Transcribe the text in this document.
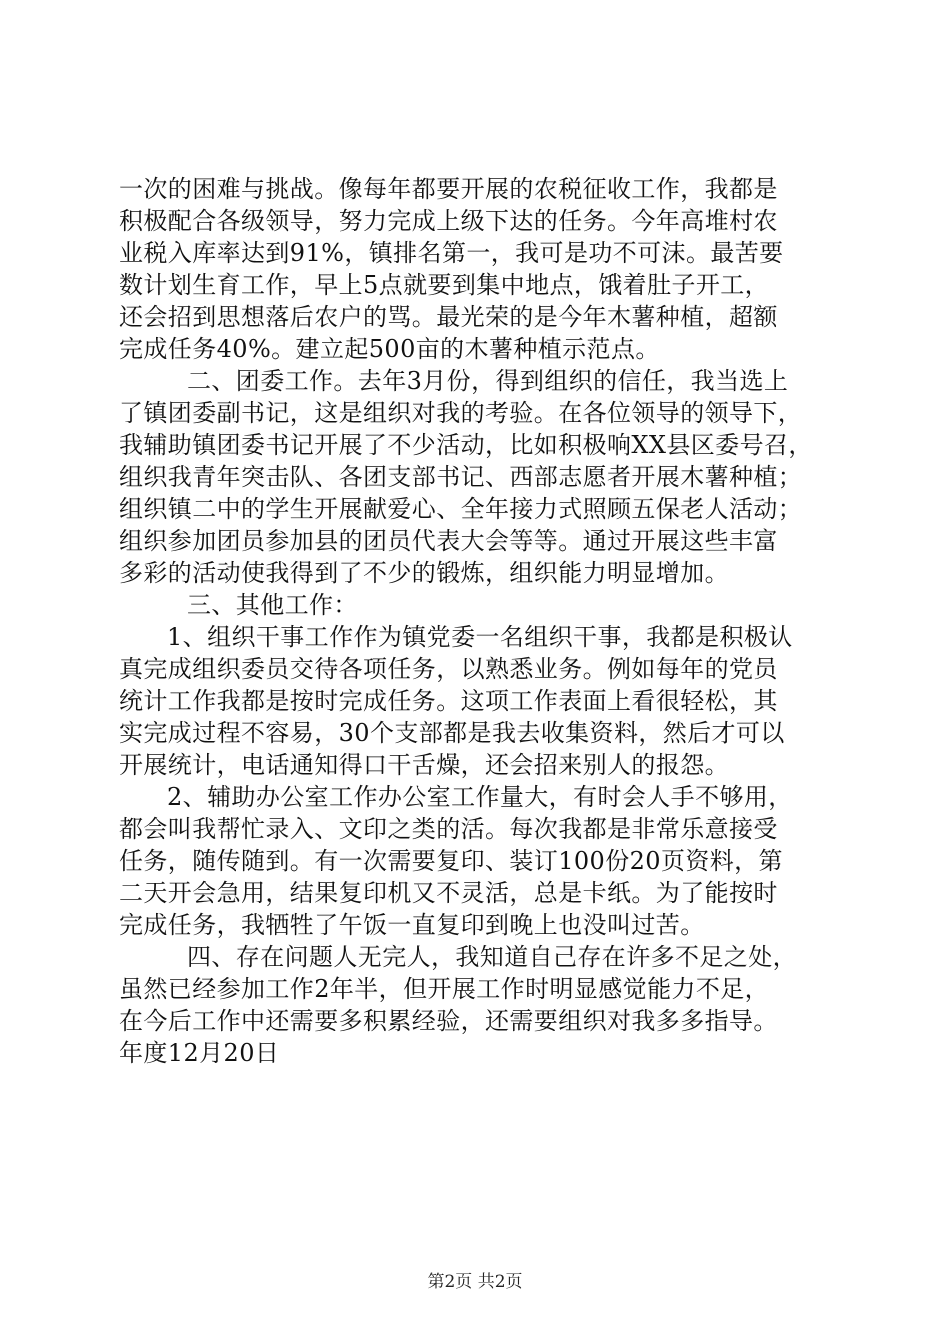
一次的困难与挑战。像每年都要开展的农税征收工作，我都是
积极配合各级领导，努力完成上级下达的任务。今年高堆村农
业税入库率达到91%，镇排名第一，我可是功不可沫。最苦要
数计划生育工作，早上5点就要到集中地点，饿着肚子开工，
还会招到思想落后农户的骂。最光荣的是今年木薯种植，超额
完成任务40%。建立起500亩的木薯种植示范点。
二、团委工作。去年3月份，得到组织的信任，我当选上
了镇团委副书记，这是组织对我的考验。在各位领导的领导下，
我辅助镇团委书记开展了不少活动，比如积极响XX县区委号召，
组织我青年突击队、各团支部书记、西部志愿者开展木薯种植；
组织镇二中的学生开展献爱心、全年接力式照顾五保老人活动；
组织参加团员参加县的团员代表大会等等。通过开展这些丰富
多彩的活动使我得到了不少的锻炼，组织能力明显增加。
三、其他工作：
1、组织干事工作作为镇党委一名组织干事，我都是积极认
真完成组织委员交待各项任务，以熟悉业务。例如每年的党员
统计工作我都是按时完成任务。这项工作表面上看很轻松，其
实完成过程不容易，30个支部都是我去收集资料，然后才可以
开展统计，电话通知得口干舌燥，还会招来别人的报怨。
2、辅助办公室工作办公室工作量大，有时会人手不够用，
都会叫我帮忙录入、文印之类的活。每次我都是非常乐意接受
任务，随传随到。有一次需要复印、装订100份20页资料，第
二天开会急用，结果复印机又不灵活，总是卡纸。为了能按时
完成任务，我牺牲了午饭一直复印到晚上也没叫过苦。
四、存在问题人无完人，我知道自己存在许多不足之处，
虽然已经参加工作2年半，但开展工作时明显感觉能力不足，
在今后工作中还需要多积累经验，还需要组织对我多多指导。
年度12月20日
第2页 共2页
